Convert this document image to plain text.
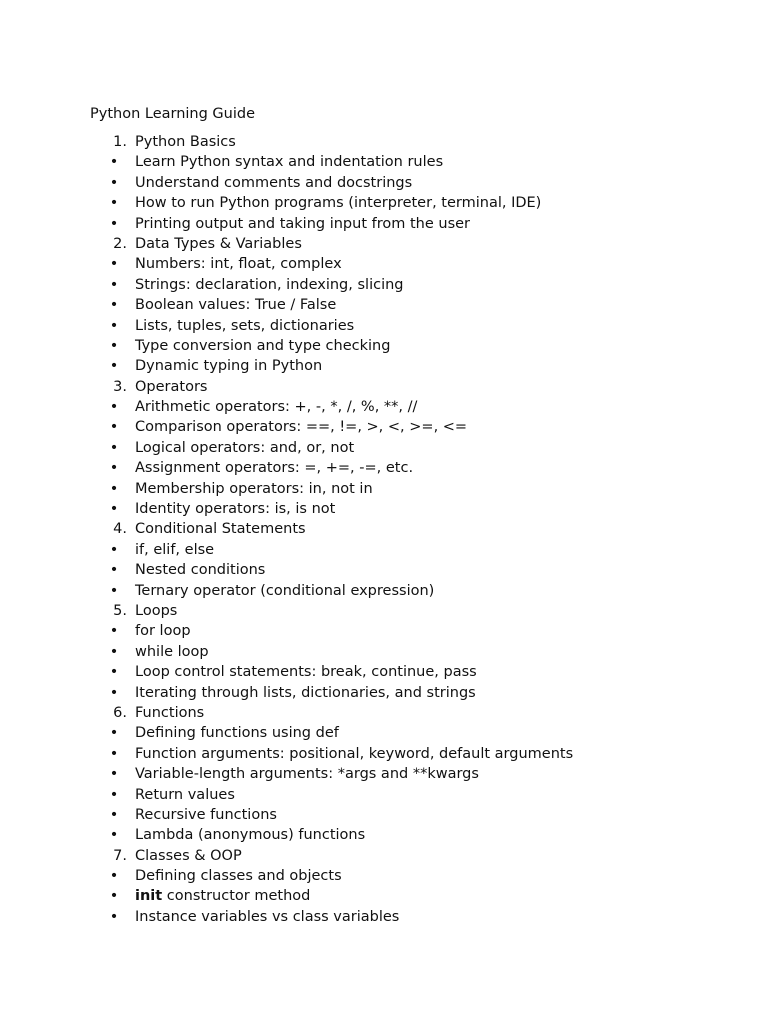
Python Learning Guide
1. Python Basics
•	Learn Python syntax and indentation rules
•	Understand comments and docstrings
•	How to run Python programs (interpreter, terminal, IDE)
•	Printing output and taking input from the user
2. Data Types & Variables
•	Numbers: int, float, complex
•	Strings: declaration, indexing, slicing
•	Boolean values: True / False
•	Lists, tuples, sets, dictionaries
•	Type conversion and type checking
•	Dynamic typing in Python
3. Operators
•	Arithmetic operators: +, -, *, /, %, **, //
•	Comparison operators: ==, !=, >, <, >=, <=
•	Logical operators: and, or, not
•	Assignment operators: =, +=, -=, etc.
•	Membership operators: in, not in
•	Identity operators: is, is not
4. Conditional Statements
•	if, elif, else
•	Nested conditions
•	Ternary operator (conditional expression)
5. Loops
•	for loop
•	while loop
•	Loop control statements: break, continue, pass
•	Iterating through lists, dictionaries, and strings
6. Functions
•	Defining functions using def
•	Function arguments: positional, keyword, default arguments
•	Variable-length arguments: *args and **kwargs
•	Return values
•	Recursive functions
•	Lambda (anonymous) functions
7. Classes & OOP
•	Defining classes and objects
•	init constructor method
•	Instance variables vs class variables
